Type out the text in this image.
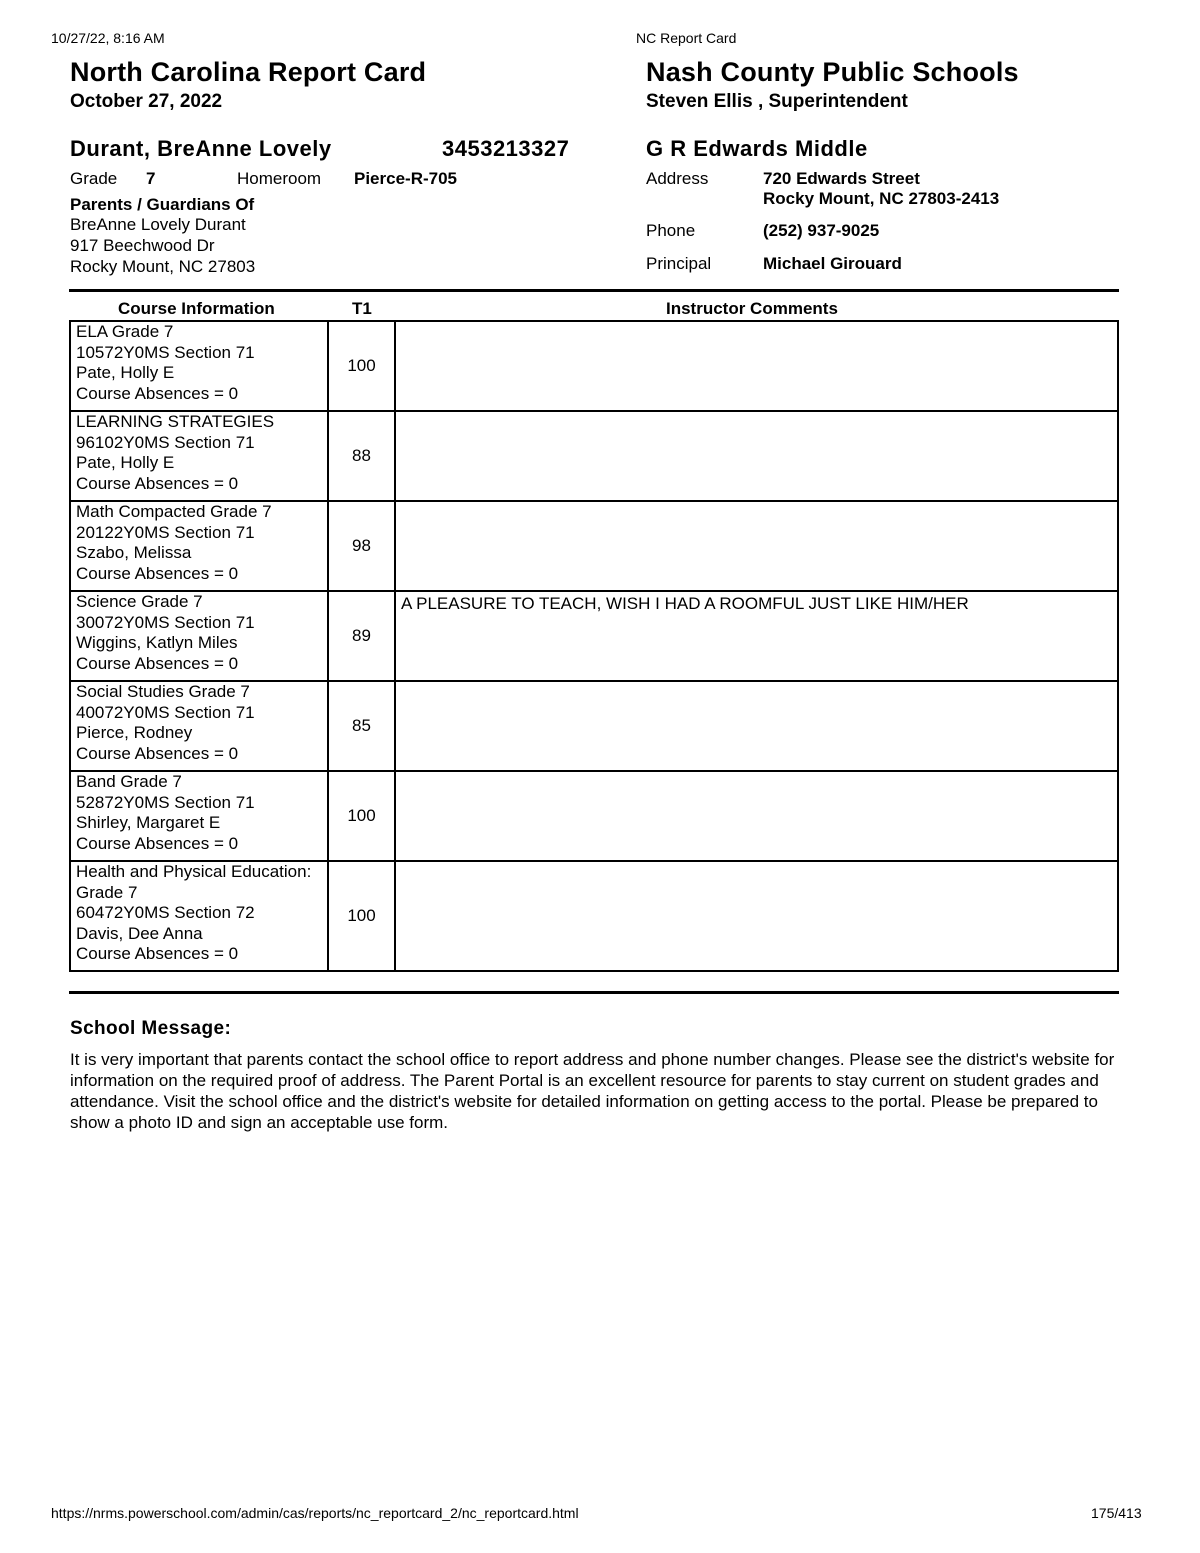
10/27/22, 8:16 AM	NC Report Card
North Carolina Report Card
October 27, 2022
Nash County Public Schools
Steven Ellis , Superintendent
Durant, BreAnne Lovely	3453213327
Grade 7	Homeroom Pierce-R-705
Parents / Guardians Of
BreAnne Lovely Durant
917 Beechwood Dr
Rocky Mount, NC 27803
G R Edwards Middle
Address	720 Edwards Street
Rocky Mount, NC 27803-2413
Phone	(252) 937-9025
Principal	Michael Girouard
Course Information	T1	Instructor Comments
ELA Grade 7
10572Y0MS Section 71
Pate, Holly E
Course Absences = 0	100	

LEARNING STRATEGIES
96102Y0MS Section 71
Pate, Holly E
Course Absences = 0	88	

Math Compacted Grade 7
20122Y0MS Section 71
Szabo, Melissa
Course Absences = 0	98	

Science Grade 7
30072Y0MS Section 71
Wiggins, Katlyn Miles
Course Absences = 0	89	A PLEASURE TO TEACH, WISH I HAD A ROOMFUL JUST LIKE HIM/HER

Social Studies Grade 7
40072Y0MS Section 71
Pierce, Rodney
Course Absences = 0	85	

Band Grade 7
52872Y0MS Section 71
Shirley, Margaret E
Course Absences = 0	100	

Health and Physical Education:
Grade 7
60472Y0MS Section 72
Davis, Dee Anna
Course Absences = 0	100	
School Message:
It is very important that parents contact the school office to report address and phone number changes. Please see the district's website for information on the required proof of address. The Parent Portal is an excellent resource for parents to stay current on student grades and attendance. Visit the school office and the district's website for detailed information on getting access to the portal. Please be prepared to show a photo ID and sign an acceptable use form.
https://nrms.powerschool.com/admin/cas/reports/nc_reportcard_2/nc_reportcard.html	175/413
